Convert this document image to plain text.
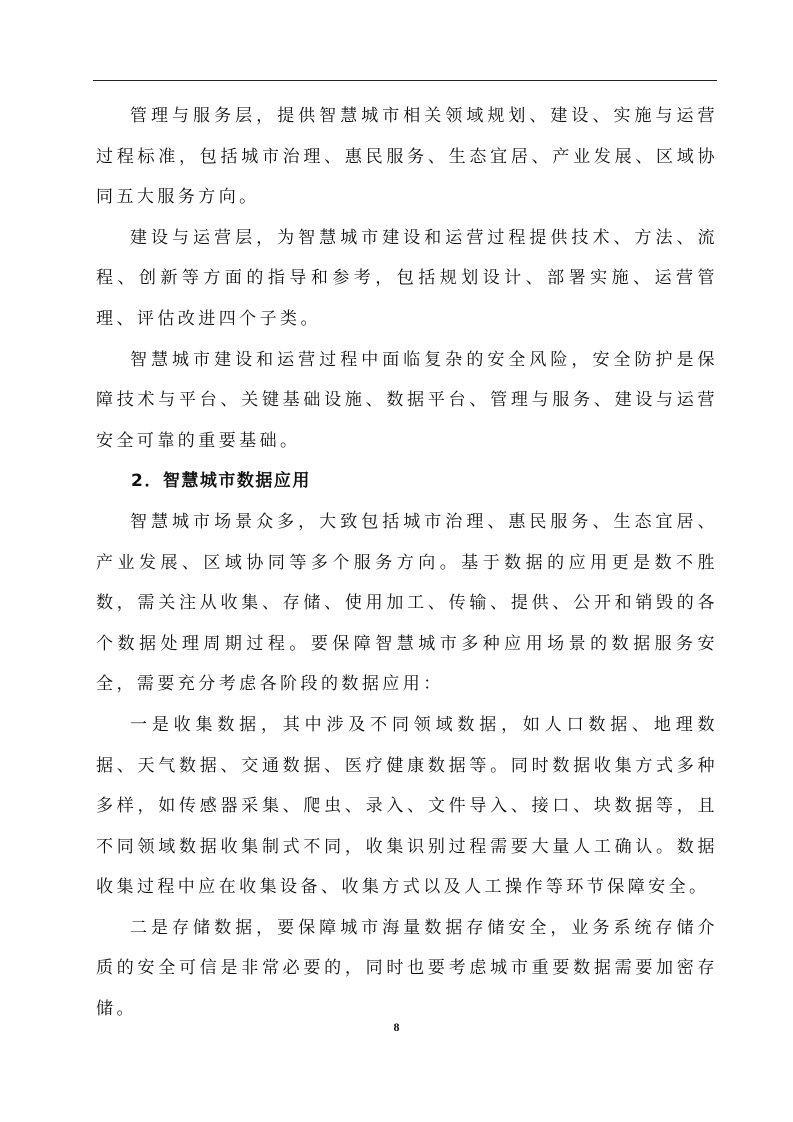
管理与服务层，提供智慧城市相关领域规划、建设、实施与运营过程标准，包括城市治理、惠民服务、生态宜居、产业发展、区域协同五大服务方向。

建设与运营层，为智慧城市建设和运营过程提供技术、方法、流程、创新等方面的指导和参考，包括规划设计、部署实施、运营管理、评估改进四个子类。

智慧城市建设和运营过程中面临复杂的安全风险，安全防护是保障技术与平台、关键基础设施、数据平台、管理与服务、建设与运营安全可靠的重要基础。

2．智慧城市数据应用

智慧城市场景众多，大致包括城市治理、惠民服务、生态宜居、产业发展、区域协同等多个服务方向。基于数据的应用更是数不胜数，需关注从收集、存储、使用加工、传输、提供、公开和销毁的各个数据处理周期过程。要保障智慧城市多种应用场景的数据服务安全，需要充分考虑各阶段的数据应用：

一是收集数据，其中涉及不同领域数据，如人口数据、地理数据、天气数据、交通数据、医疗健康数据等。同时数据收集方式多种多样，如传感器采集、爬虫、录入、文件导入、接口、块数据等，且不同领域数据收集制式不同，收集识别过程需要大量人工确认。数据收集过程中应在收集设备、收集方式以及人工操作等环节保障安全。

二是存储数据，要保障城市海量数据存储安全，业务系统存储介质的安全可信是非常必要的，同时也要考虑城市重要数据需要加密存储。

8
